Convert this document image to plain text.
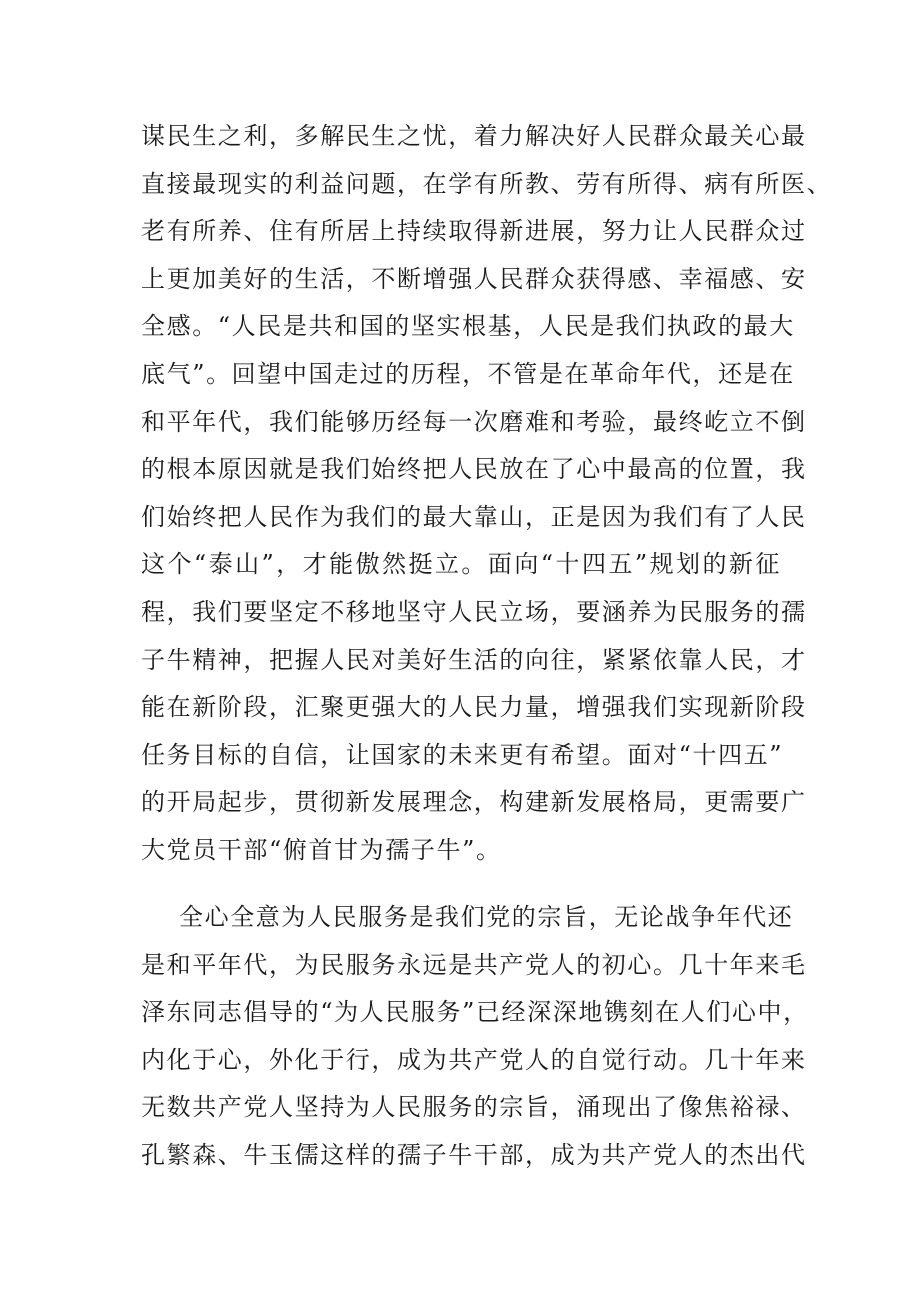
谋民生之利，多解民生之忧，着力解决好人民群众最关心最
直接最现实的利益问题，在学有所教、劳有所得、病有所医、
老有所养、住有所居上持续取得新进展，努力让人民群众过
上更加美好的生活，不断增强人民群众获得感、幸福感、安
全感。“人民是共和国的坚实根基，人民是我们执政的最大
底气”。回望中国走过的历程，不管是在革命年代，还是在
和平年代，我们能够历经每一次磨难和考验，最终屹立不倒
的根本原因就是我们始终把人民放在了心中最高的位置，我
们始终把人民作为我们的最大靠山，正是因为我们有了人民
这个“泰山”，才能傲然挺立。面向“十四五”规划的新征
程，我们要坚定不移地坚守人民立场，要涵养为民服务的孺
子牛精神，把握人民对美好生活的向往，紧紧依靠人民，才
能在新阶段，汇聚更强大的人民力量，增强我们实现新阶段
任务目标的自信，让国家的未来更有希望。面对“十四五”
的开局起步，贯彻新发展理念，构建新发展格局，更需要广
大党员干部“俯首甘为孺子牛”。
全心全意为人民服务是我们党的宗旨，无论战争年代还
是和平年代，为民服务永远是共产党人的初心。几十年来毛
泽东同志倡导的“为人民服务”已经深深地镌刻在人们心中，
内化于心，外化于行，成为共产党人的自觉行动。几十年来
无数共产党人坚持为人民服务的宗旨，涌现出了像焦裕禄、
孔繁森、牛玉儒这样的孺子牛干部，成为共产党人的杰出代
